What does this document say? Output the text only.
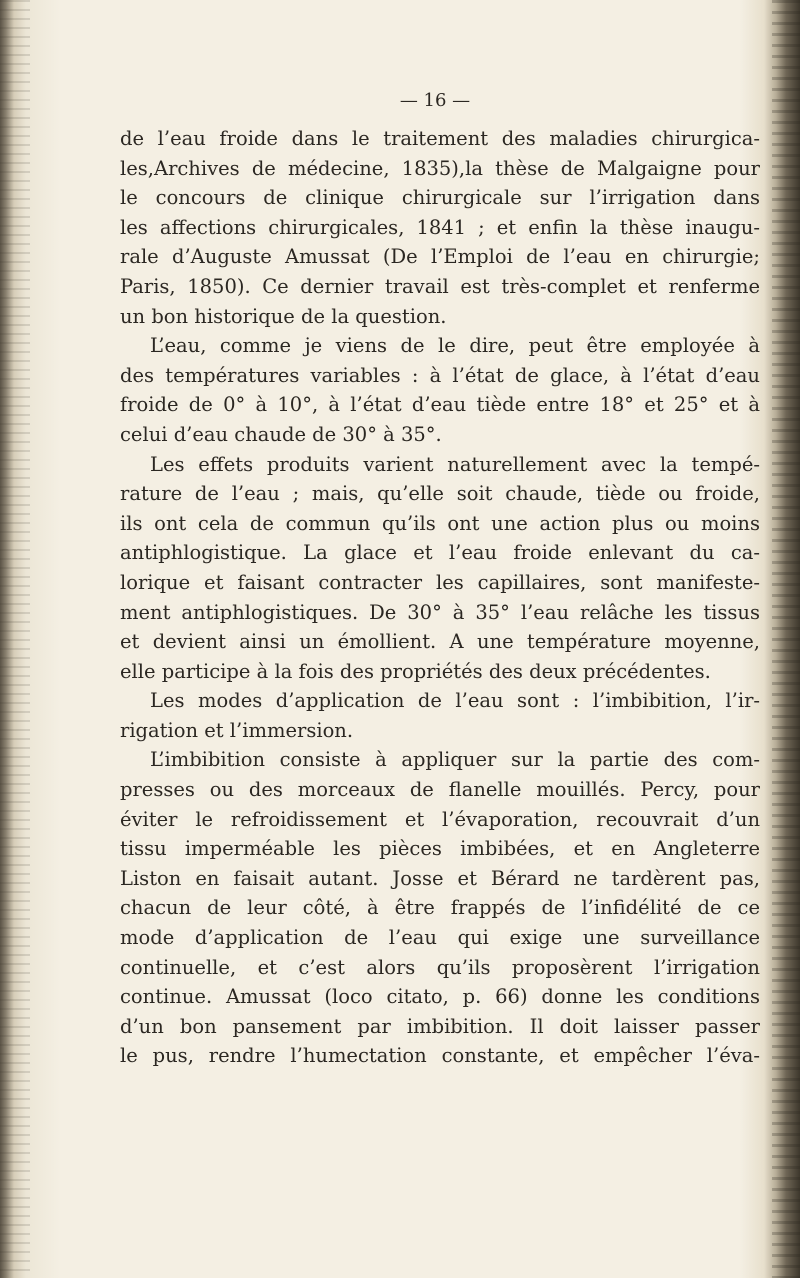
— 16 —
de l’eau froide dans le traitement des maladies chirurgica-
les,Archives de médecine, 1835),la thèse de Malgaigne pour
le concours de clinique chirurgicale sur l’irrigation dans
les affections chirurgicales, 1841 ; et enfin la thèse inaugu-
rale d’Auguste Amussat (De l’Emploi de l’eau en chirurgie;
Paris, 1850). Ce dernier travail est très-complet et renferme
un bon historique de la question.
L’eau, comme je viens de le dire, peut être employée à
des températures variables : à l’état de glace, à l’état d’eau
froide de 0° à 10°, à l’état d’eau tiède entre 18° et 25° et à
celui d’eau chaude de 30° à 35°.
Les effets produits varient naturellement avec la tempé-
rature de l’eau ; mais, qu’elle soit chaude, tiède ou froide,
ils ont cela de commun qu’ils ont une action plus ou moins
antiphlogistique. La glace et l’eau froide enlevant du ca-
lorique et faisant contracter les capillaires, sont manifeste-
ment antiphlogistiques. De 30° à 35° l’eau relâche les tissus
et devient ainsi un émollient. A une température moyenne,
elle participe à la fois des propriétés des deux précédentes.
Les modes d’application de l’eau sont : l’imbibition, l’ir-
rigation et l’immersion.
L’imbibition consiste à appliquer sur la partie des com-
presses ou des morceaux de flanelle mouillés. Percy, pour
éviter le refroidissement et l’évaporation, recouvrait d’un
tissu imperméable les pièces imbibées, et en Angleterre
Liston en faisait autant. Josse et Bérard ne tardèrent pas,
chacun de leur côté, à être frappés de l’infidélité de ce
mode d’application de l’eau qui exige une surveillance
continuelle, et c’est alors qu’ils proposèrent l’irrigation
continue. Amussat (loco citato, p. 66) donne les conditions
d’un bon pansement par imbibition. Il doit laisser passer
le pus, rendre l’humectation constante, et empêcher l’éva-
